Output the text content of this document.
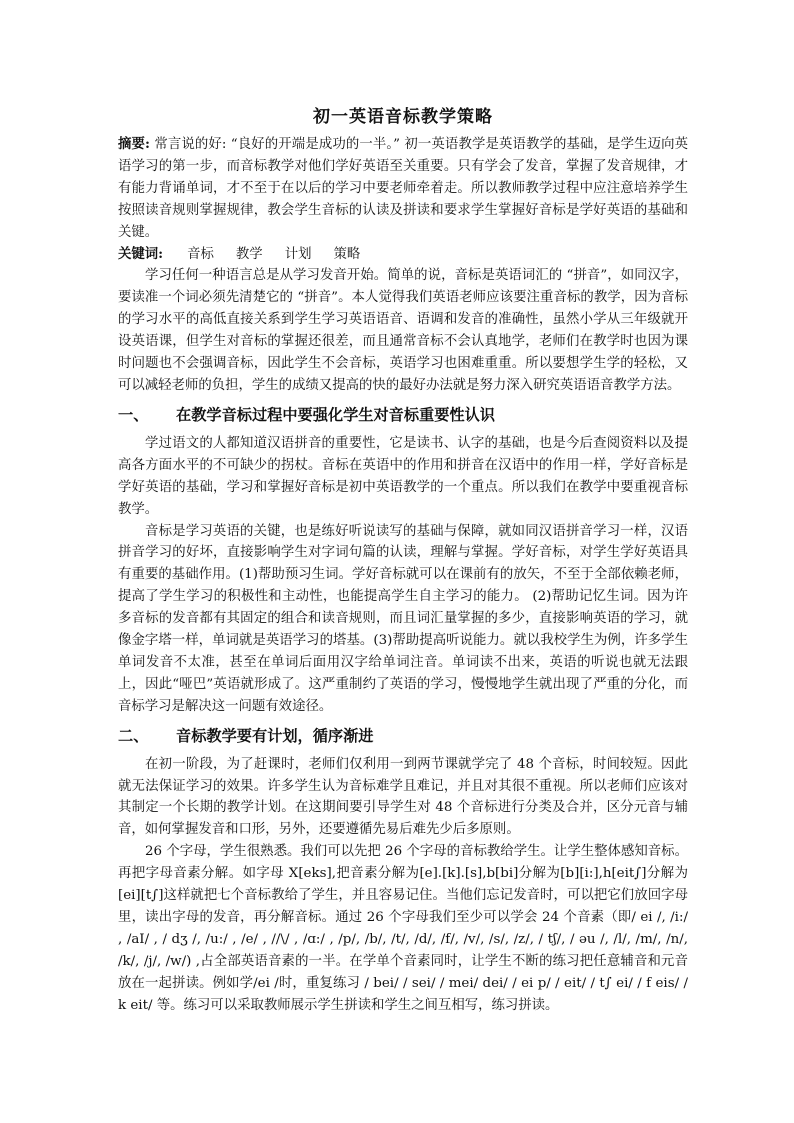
初一英语音标教学策略

摘要: 常言说的好: “良好的开端是成功的一半。” 初一英语教学是英语教学的基础，是学生迈向英语学习的第一步，而音标教学对他们学好英语至关重要。只有学会了发音，掌握了发音规律，才有能力背诵单词，才不至于在以后的学习中要老师牵着走。所以教师教学过程中应注意培养学生按照读音规则掌握规律，教会学生音标的认读及拼读和要求学生掌握好音标是学好英语的基础和关键。

关键词: 音标 教学 计划 策略

学习任何一种语言总是从学习发音开始。简单的说，音标是英语词汇的 “拼音”，如同汉字，要读准一个词必须先清楚它的 “拼音”。本人觉得我们英语老师应该要注重音标的教学，因为音标的学习水平的高低直接关系到学生学习英语语音、语调和发音的准确性，虽然小学从三年级就开设英语课，但学生对音标的掌握还很差，而且通常音标不会认真地学，老师们在教学时也因为课时问题也不会强调音标，因此学生不会音标，英语学习也困难重重。所以要想学生学的轻松，又可以减轻老师的负担，学生的成绩又提高的快的最好办法就是努力深入研究英语语音教学方法。

一、 在教学音标过程中要强化学生对音标重要性认识

学过语文的人都知道汉语拼音的重要性，它是读书、认字的基础，也是今后查阅资料以及提高各方面水平的不可缺少的拐杖。音标在英语中的作用和拼音在汉语中的作用一样，学好音标是学好英语的基础，学习和掌握好音标是初中英语教学的一个重点。所以我们在教学中要重视音标教学。

音标是学习英语的关键，也是练好听说读写的基础与保障，就如同汉语拼音学习一样，汉语拼音学习的好坏，直接影响学生对字词句篇的认读，理解与掌握。学好音标，对学生学好英语具有重要的基础作用。(1)帮助预习生词。学好音标就可以在课前有的放矢，不至于全部依赖老师，提高了学生学习的积极性和主动性，也能提高学生自主学习的能力。 (2)帮助记忆生词。因为许多音标的发音都有其固定的组合和读音规则，而且词汇量掌握的多少，直接影响英语的学习，就像金字塔一样，单词就是英语学习的塔基。(3)帮助提高听说能力。就以我校学生为例，许多学生单词发音不太准，甚至在单词后面用汉字给单词注音。单词读不出来，英语的听说也就无法跟上，因此“哑巴”英语就形成了。这严重制约了英语的学习，慢慢地学生就出现了严重的分化，而音标学习是解决这一问题有效途径。

二、 音标教学要有计划，循序渐进

在初一阶段，为了赶课时，老师们仅利用一到两节课就学完了 48 个音标，时间较短。因此就无法保证学习的效果。许多学生认为音标难学且难记，并且对其很不重视。所以老师们应该对其制定一个长期的教学计划。在这期间要引导学生对 48 个音标进行分类及合并，区分元音与辅音，如何掌握发音和口形，另外，还要遵循先易后难先少后多原则。

26 个字母，学生很熟悉。我们可以先把 26 个字母的音标教给学生。让学生整体感知音标。再把字母音素分解。如字母 X[eks],把音素分解为[e].[k].[s],b[bi]分解为[b][i:],h[eit∫]分解为[ei][t∫]这样就把七个音标教给了学生，并且容易记住。当他们忘记发音时，可以把它们放回字母里，读出字母的发音，再分解音标。通过 26 个字母我们至少可以学会 24 个音素（即/ ei /, /i:/ , /aI/ , / dʒ /, /u:/ , /e/ , //\/ , /ɑ:/ , /p/, /b/, /t/, /d/, /f/, /v/, /s/, /z/, / tʃ/, / əu /, /l/, /m/, /n/, /k/, /j/, /w/) ,占全部英语音素的一半。在学单个音素同时，让学生不断的练习把任意辅音和元音放在一起拼读。例如学/ei /时，重复练习 / bei/ / sei/ / mei/ dei/ / ei p/ / eit/ / t∫ ei/ / f eis/ / k eit/ 等。练习可以采取教师展示学生拼读和学生之间互相写，练习拼读。
